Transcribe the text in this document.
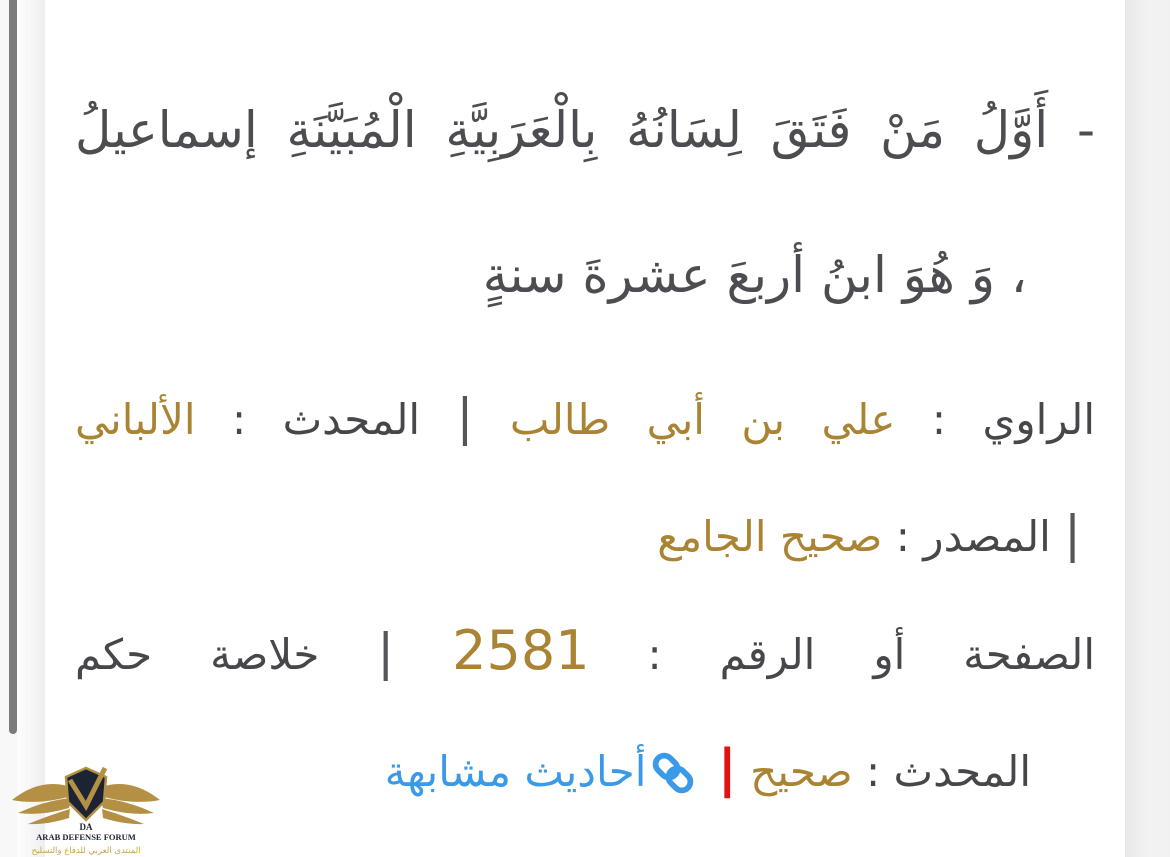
- أَوَّلُ مَنْ فَتَقَ لِسَانُهُ بِالْعَرَبِيَّةِ الْمُبَيَّنَةِ إسماعيلُ
، وَ هُوَ ابنُ أربعَ عشرةَ سنةٍ
الراوي : علي بن أبي طالب | المحدث : الألباني
| المصدر : صحيح الجامع
الصفحة أو الرقم : 2581 | خلاصة حكم
المحدث : صحيح | أحاديث مشابهة
DA
ARAB DEFENSE FORUM
المنتدى العربي للدفاع والتسليح
